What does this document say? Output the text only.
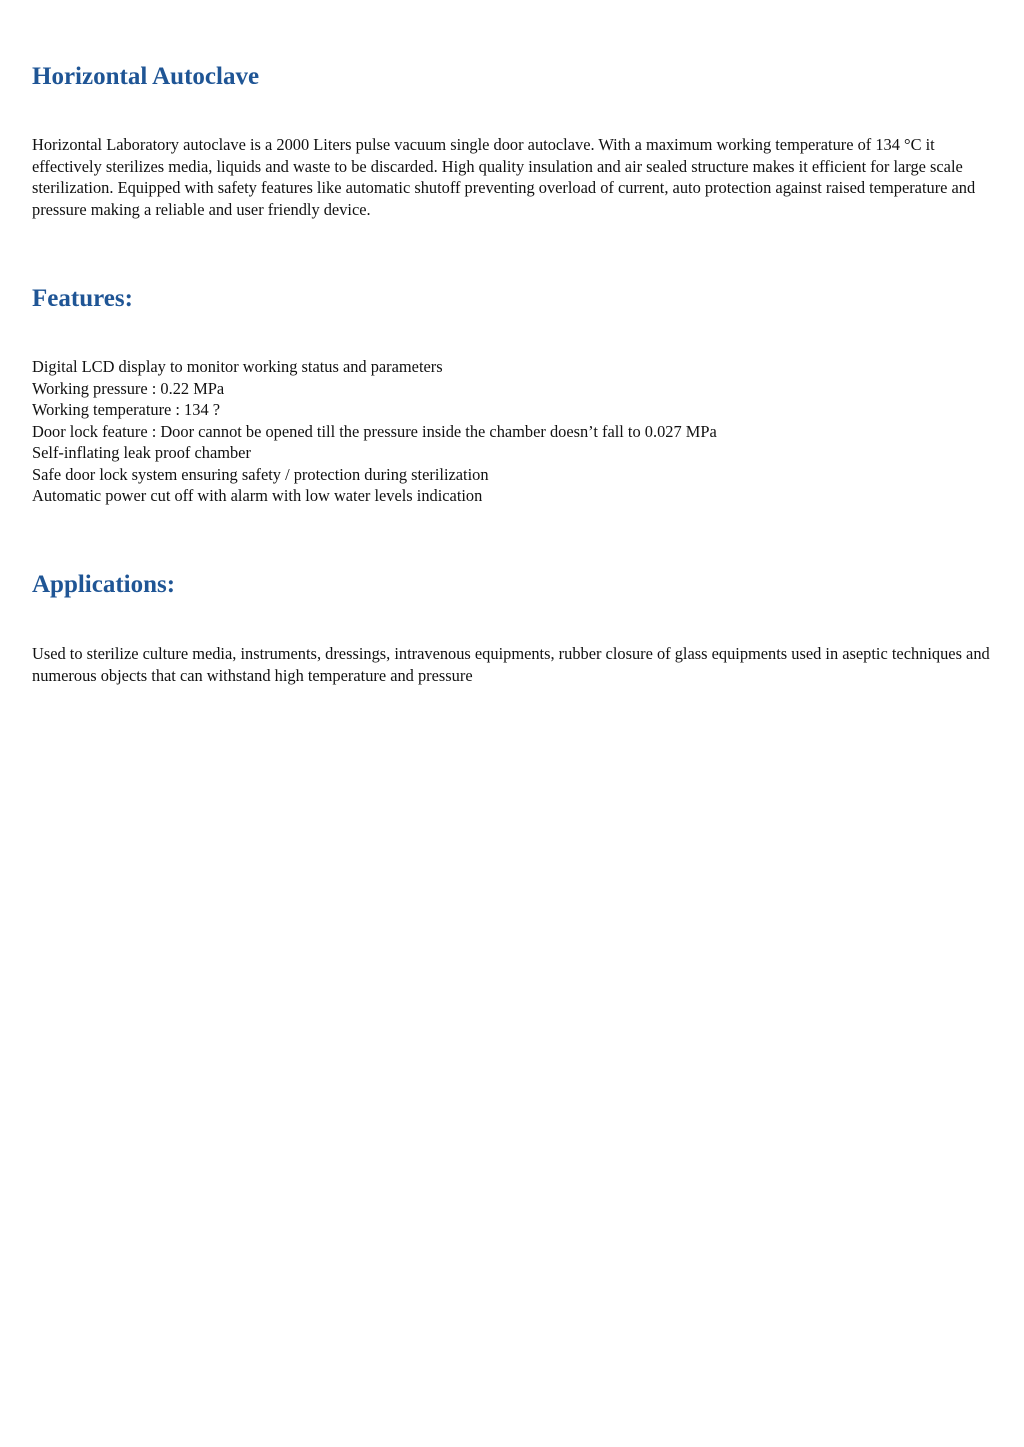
Horizontal Autoclave

Horizontal Laboratory autoclave is a 2000 Liters pulse vacuum single door autoclave. With a maximum working temperature of 134 °C it effectively sterilizes media, liquids and waste to be discarded. High quality insulation and air sealed structure makes it efficient for large scale sterilization. Equipped with safety features like automatic shutoff preventing overload of current, auto protection against raised temperature and pressure making a reliable and user friendly device.

Features:
Digital LCD display to monitor working status and parameters
Working pressure : 0.22 MPa
Working temperature : 134 ?
Door lock feature : Door cannot be opened till the pressure inside the chamber doesn’t fall to 0.027 MPa
Self-inflating leak proof chamber
Safe door lock system ensuring safety / protection during sterilization
Automatic power cut off with alarm with low water levels indication
Applications:

Used to sterilize culture media, instruments, dressings, intravenous equipments, rubber closure of glass equipments used in aseptic techniques and numerous objects that can withstand high temperature and pressure
